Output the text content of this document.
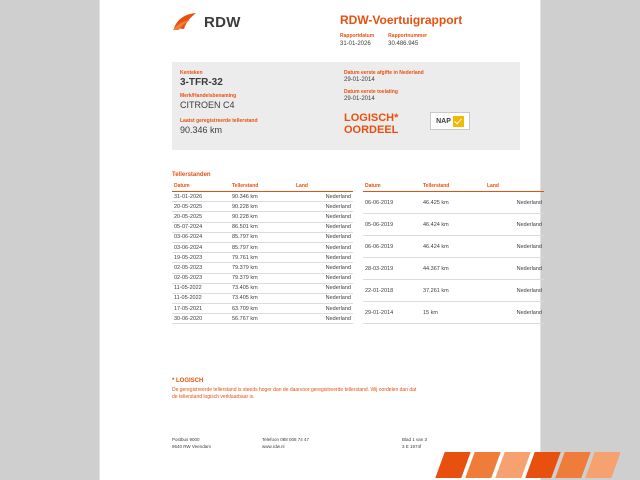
RDW	RDW-Voertuigrapport
Rapportdatum
31-01-2026
Rapportnummer
30.486.945
Kenteken
3-TFR-32
Merk/Handelsbenaming
CITROEN C4
Datum eerste afgifte in Nederland
29-01-2014
Datum eerste toelating
29-01-2014
LOGISCH*
OORDEEL
NAP
Laatst geregistreerde tellerstand
90.346 km
Tellerstanden
Datum	Tellerstand	Land
31-01-2026	90.346 km	Nederland
20-05-2025	90.228 km	Nederland
20-05-2025	90.228 km	Nederland
05-07-2024	86.501 km	Nederland
03-06-2024	85.797 km	Nederland
03-06-2024	85.797 km	Nederland
19-05-2023	79.761 km	Nederland
02-05-2023	79.379 km	Nederland
02-05-2023	79.379 km	Nederland
11-05-2022	73.405 km	Nederland
11-05-2022	73.405 km	Nederland
17-05-2021	63.709 km	Nederland
30-06-2020	56.767 km	Nederland
Datum	Tellerstand	Land
06-06-2019	46.425 km	Nederland
05-06-2019	46.424 km	Nederland
06-06-2019	46.424 km	Nederland
28-03-2019	44.367 km	Nederland
22-01-2018	37.261 km	Nederland
29-01-2014	15 km	Nederland
* LOGISCH
De geregistreerde tellerstand is steeds hoger dan de daarvoor geregistreerde tellerstand. Wij oordelen dan dat de tellerstand logisch verklaarbaar is.
Postbus 9000
9640 RW Veendam
Telefoon 088 008 74 47
www.rdw.nl
Blad 1 van 3
3 E 1974f
